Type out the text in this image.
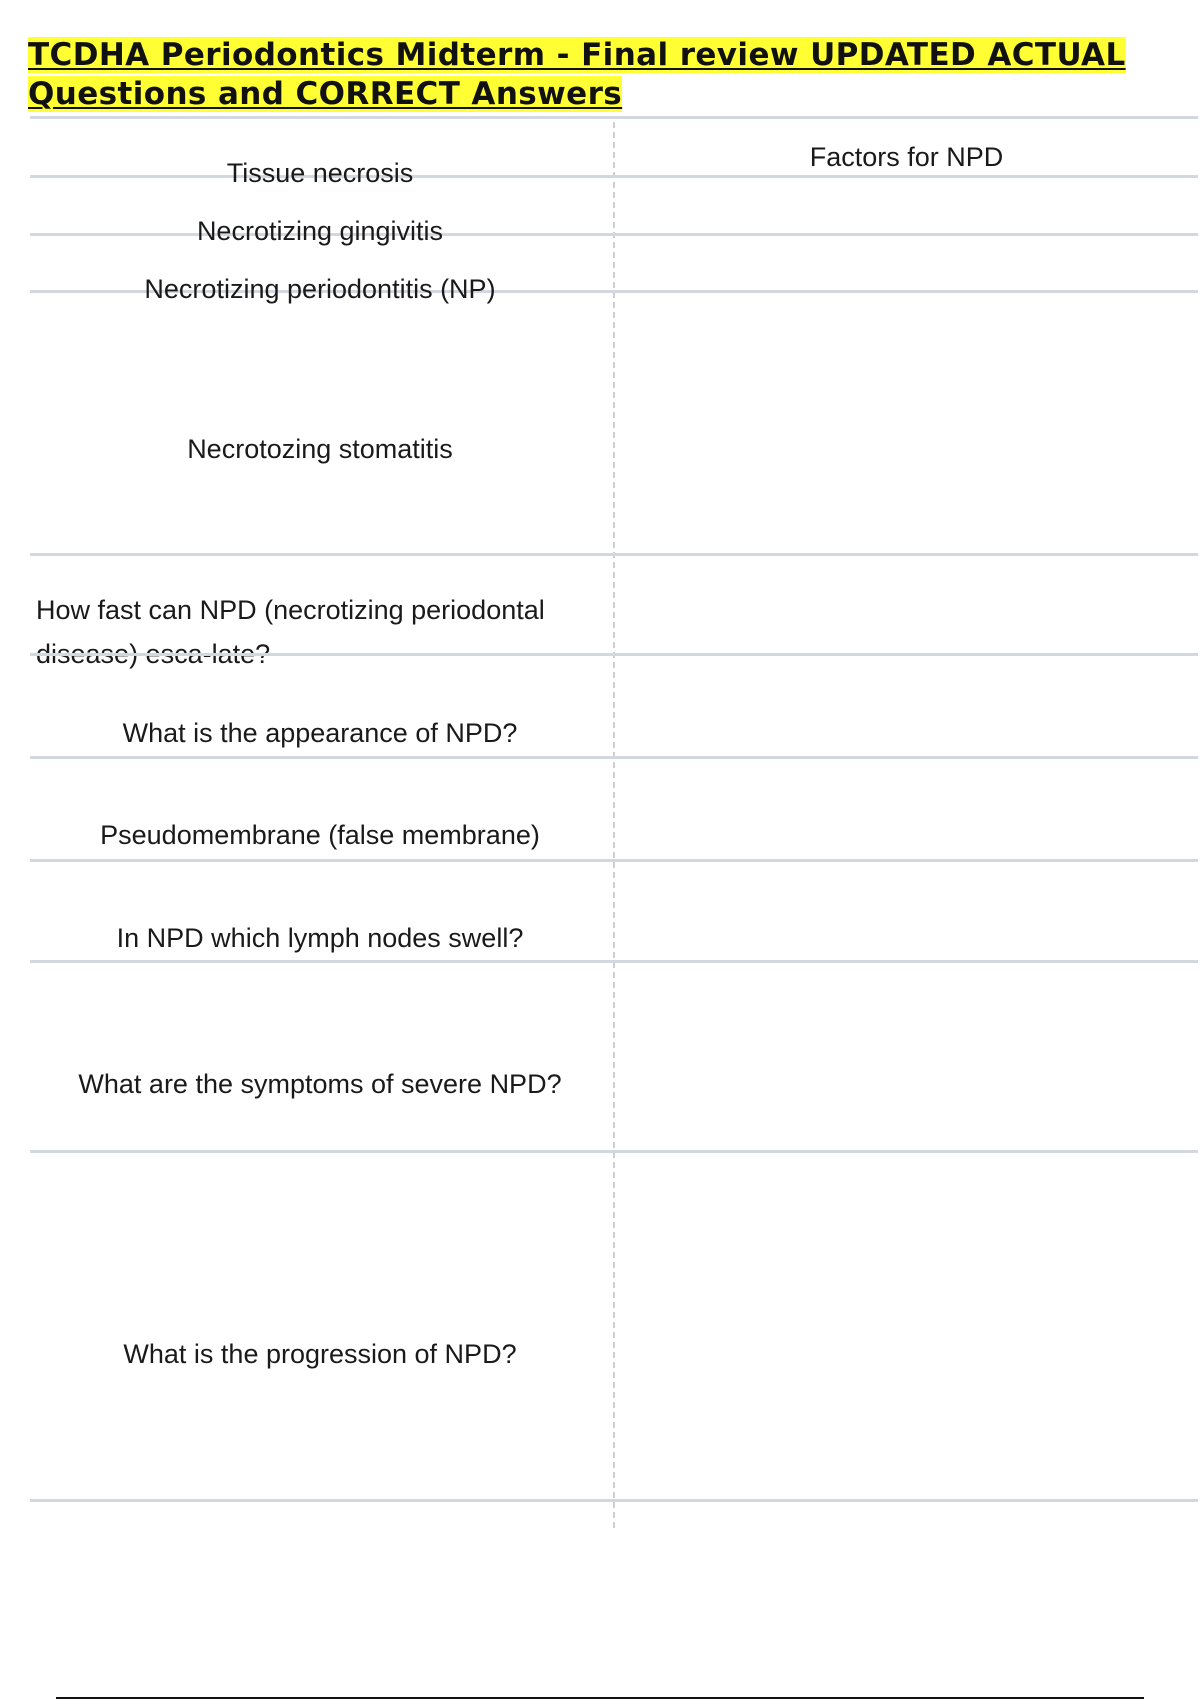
TCDHA Periodontics Midterm - Final review UPDATED ACTUAL Questions and CORRECT Answers
Factors for NPD
Tissue necrosis
Necrotizing gingivitis
Necrotizing periodontitis (NP)
Necrotozing stomatitis
How fast can NPD (necrotizing periodontal disease) esca-late?
What is the appearance of NPD?
Pseudomembrane (false membrane)
In NPD which lymph nodes swell?
What are the symptoms of severe NPD?
What is the progression of NPD?
